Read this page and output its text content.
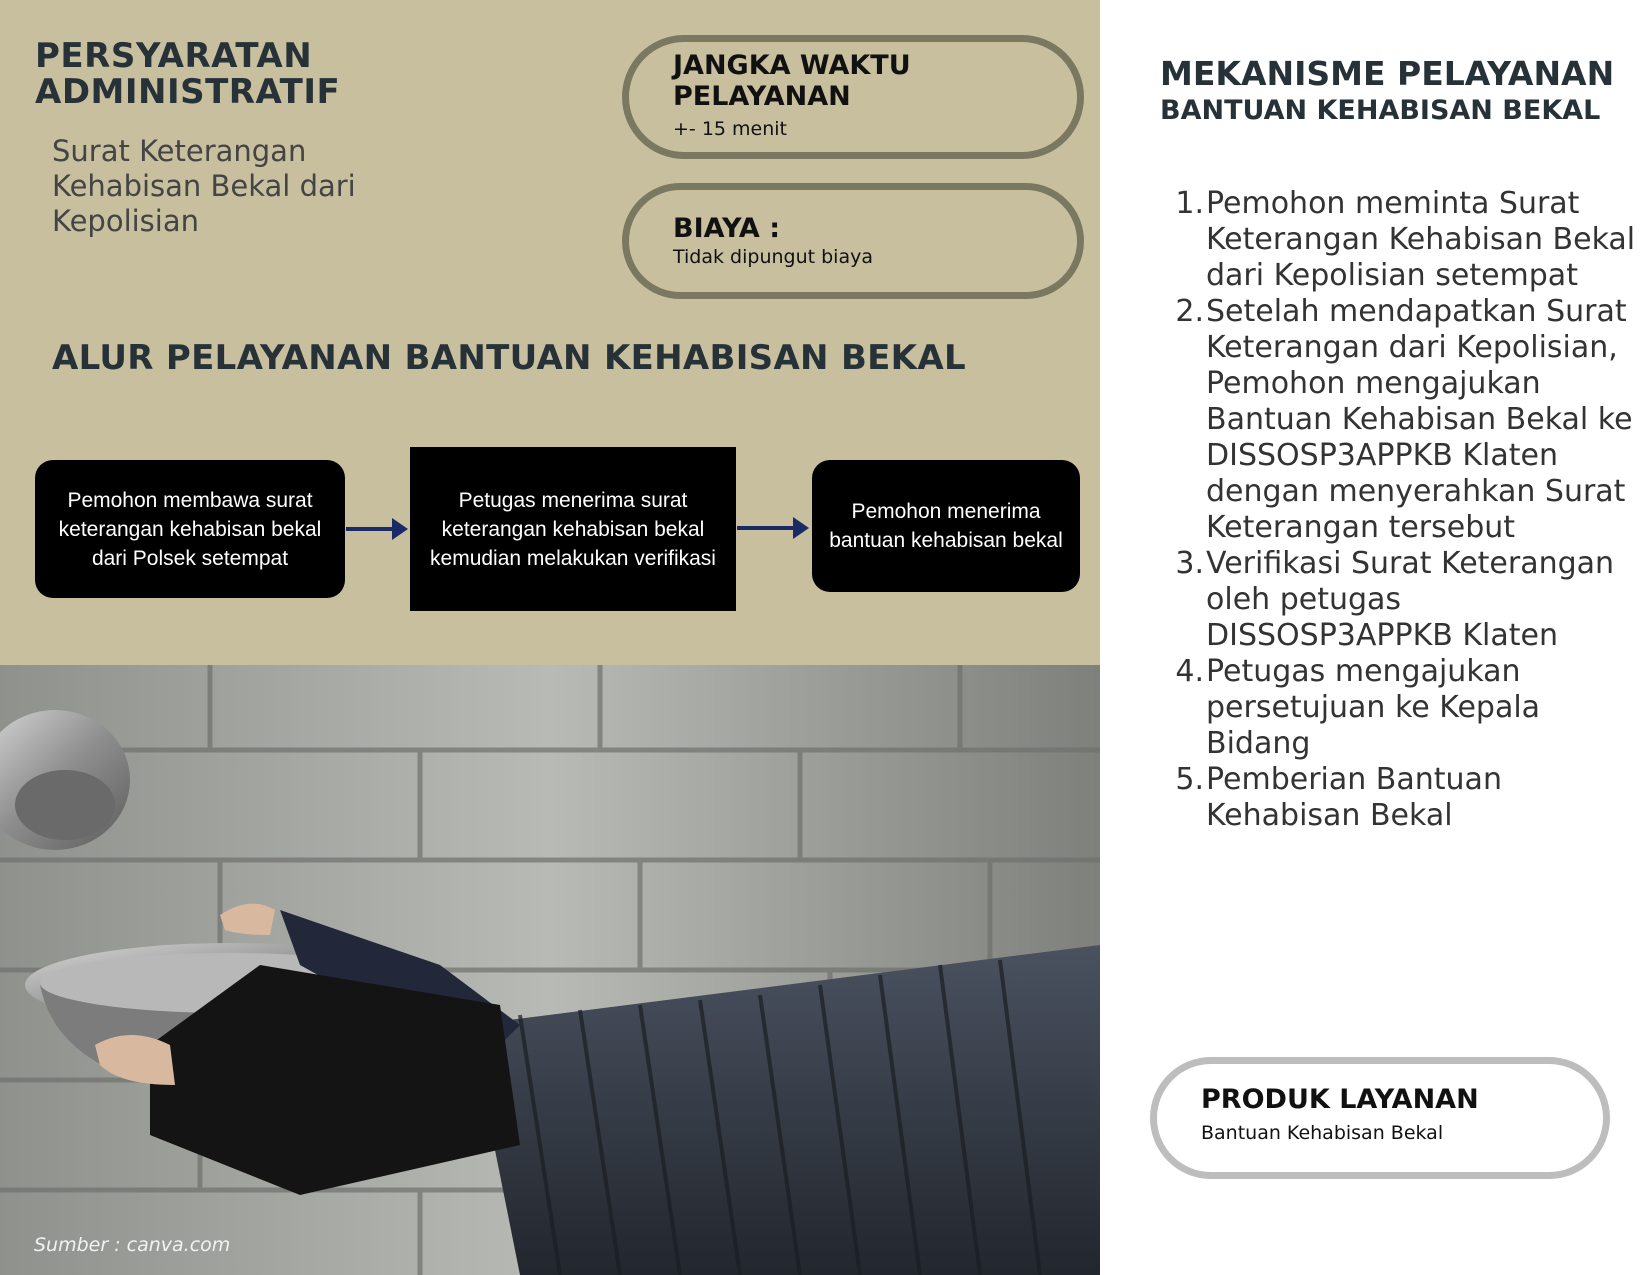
PERSYARATAN
ADMINISTRATIF
Surat Keterangan Kehabisan Bekal dari Kepolisian
JANGKA WAKTU
PELAYANAN
+- 15 menit
BIAYA :
Tidak dipungut biaya
ALUR PELAYANAN BANTUAN KEHABISAN BEKAL
Pemohon membawa surat keterangan kehabisan bekal dari Polsek setempat
Petugas menerima surat keterangan kehabisan bekal kemudian melakukan verifikasi
Pemohon menerima bantuan kehabisan bekal
Sumber : canva.com
MEKANISME PELAYANAN
BANTUAN KEHABISAN BEKAL
1. Pemohon meminta Surat Keterangan Kehabisan Bekal dari Kepolisian setempat
2. Setelah mendapatkan Surat Keterangan dari Kepolisian, Pemohon mengajukan Bantuan Kehabisan Bekal ke DISSOSP3APPKB Klaten dengan menyerahkan Surat Keterangan tersebut
3. Verifikasi Surat Keterangan oleh petugas DISSOSP3APPKB Klaten
4. Petugas mengajukan persetujuan ke Kepala Bidang
5. Pemberian Bantuan Kehabisan Bekal
PRODUK LAYANAN
Bantuan Kehabisan Bekal
